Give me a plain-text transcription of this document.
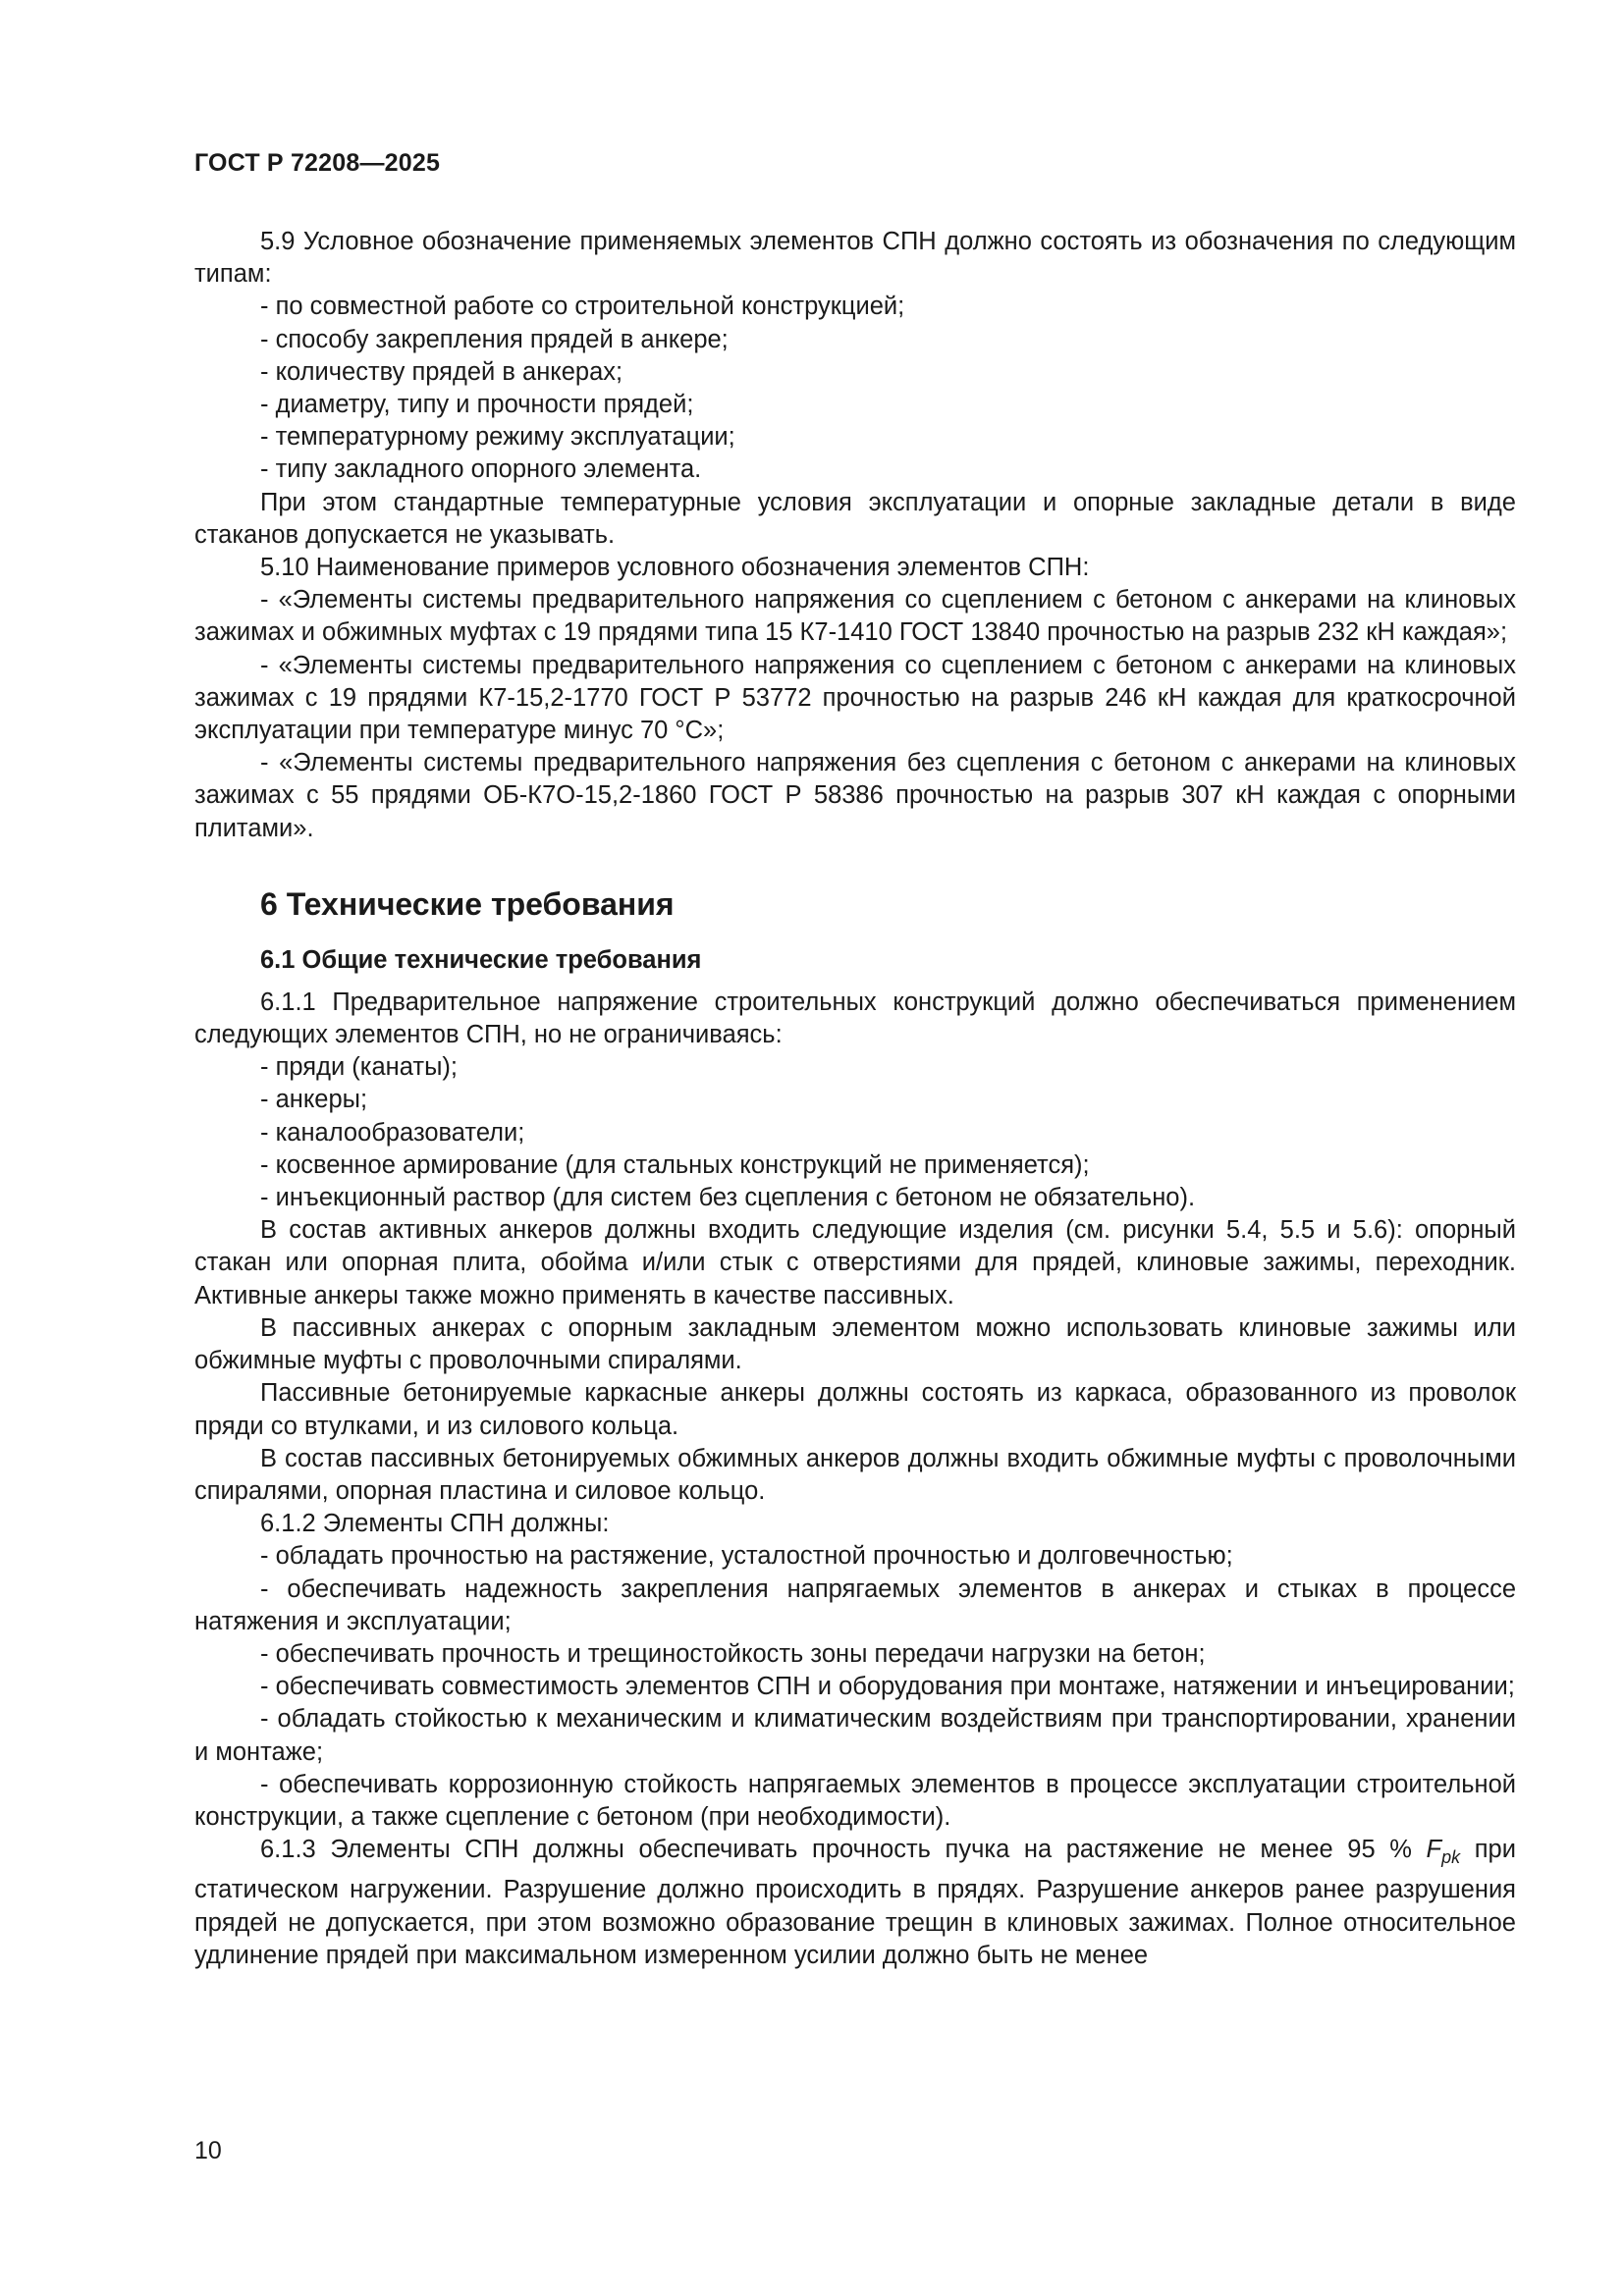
ГОСТ Р 72208—2025

5.9 Условное обозначение применяемых элементов СПН должно состоять из обозначения по следующим типам:

- по совместной работе со строительной конструкцией;

- способу закрепления прядей в анкере;

- количеству прядей в анкерах;

- диаметру, типу и прочности прядей;

- температурному режиму эксплуатации;

- типу закладного опорного элемента.

При этом стандартные температурные условия эксплуатации и опорные закладные детали в виде стаканов допускается не указывать.

5.10 Наименование примеров условного обозначения элементов СПН:

- «Элементы системы предварительного напряжения со сцеплением с бетоном с анкерами на клиновых зажимах и обжимных муфтах с 19 прядями типа 15 К7-1410 ГОСТ 13840 прочностью на разрыв 232 кН каждая»;

- «Элементы системы предварительного напряжения со сцеплением с бетоном с анкерами на клиновых зажимах с 19 прядями К7-15,2-1770 ГОСТ Р 53772 прочностью на разрыв 246 кН каждая для краткосрочной эксплуатации при температуре минус 70 °С»;

- «Элементы системы предварительного напряжения без сцепления с бетоном с анкерами на клиновых зажимах с 55 прядями ОБ-К7О-15,2-1860 ГОСТ Р 58386 прочностью на разрыв 307 кН каждая с опорными плитами».

6 Технические требования
6.1 Общие технические требования

6.1.1 Предварительное напряжение строительных конструкций должно обеспечиваться применением следующих элементов СПН, но не ограничиваясь:

- пряди (канаты);

- анкеры;

- каналообразователи;

- косвенное армирование (для стальных конструкций не применяется);

- инъекционный раствор (для систем без сцепления с бетоном не обязательно).

В состав активных анкеров должны входить следующие изделия (см. рисунки 5.4, 5.5 и 5.6): опорный стакан или опорная плита, обойма и/или стык с отверстиями для прядей, клиновые зажимы, переходник. Активные анкеры также можно применять в качестве пассивных.

В пассивных анкерах с опорным закладным элементом можно использовать клиновые зажимы или обжимные муфты с проволочными спиралями.

Пассивные бетонируемые каркасные анкеры должны состоять из каркаса, образованного из проволок пряди со втулками, и из силового кольца.

В состав пассивных бетонируемых обжимных анкеров должны входить обжимные муфты с проволочными спиралями, опорная пластина и силовое кольцо.

6.1.2 Элементы СПН должны:

- обладать прочностью на растяжение, усталостной прочностью и долговечностью;

- обеспечивать надежность закрепления напрягаемых элементов в анкерах и стыках в процессе натяжения и эксплуатации;

- обеспечивать прочность и трещиностойкость зоны передачи нагрузки на бетон;

- обеспечивать совместимость элементов СПН и оборудования при монтаже, натяжении и инъецировании;

- обладать стойкостью к механическим и климатическим воздействиям при транспортировании, хранении и монтаже;

- обеспечивать коррозионную стойкость напрягаемых элементов в процессе эксплуатации строительной конструкции, а также сцепление с бетоном (при необходимости).

6.1.3 Элементы СПН должны обеспечивать прочность пучка на растяжение не менее 95 % $F_{pk}$ при статическом нагружении. Разрушение должно происходить в прядях. Разрушение анкеров ранее разрушения прядей не допускается, при этом возможно образование трещин в клиновых зажимах. Полное относительное удлинение прядей при максимальном измеренном усилии должно быть не менее

10
